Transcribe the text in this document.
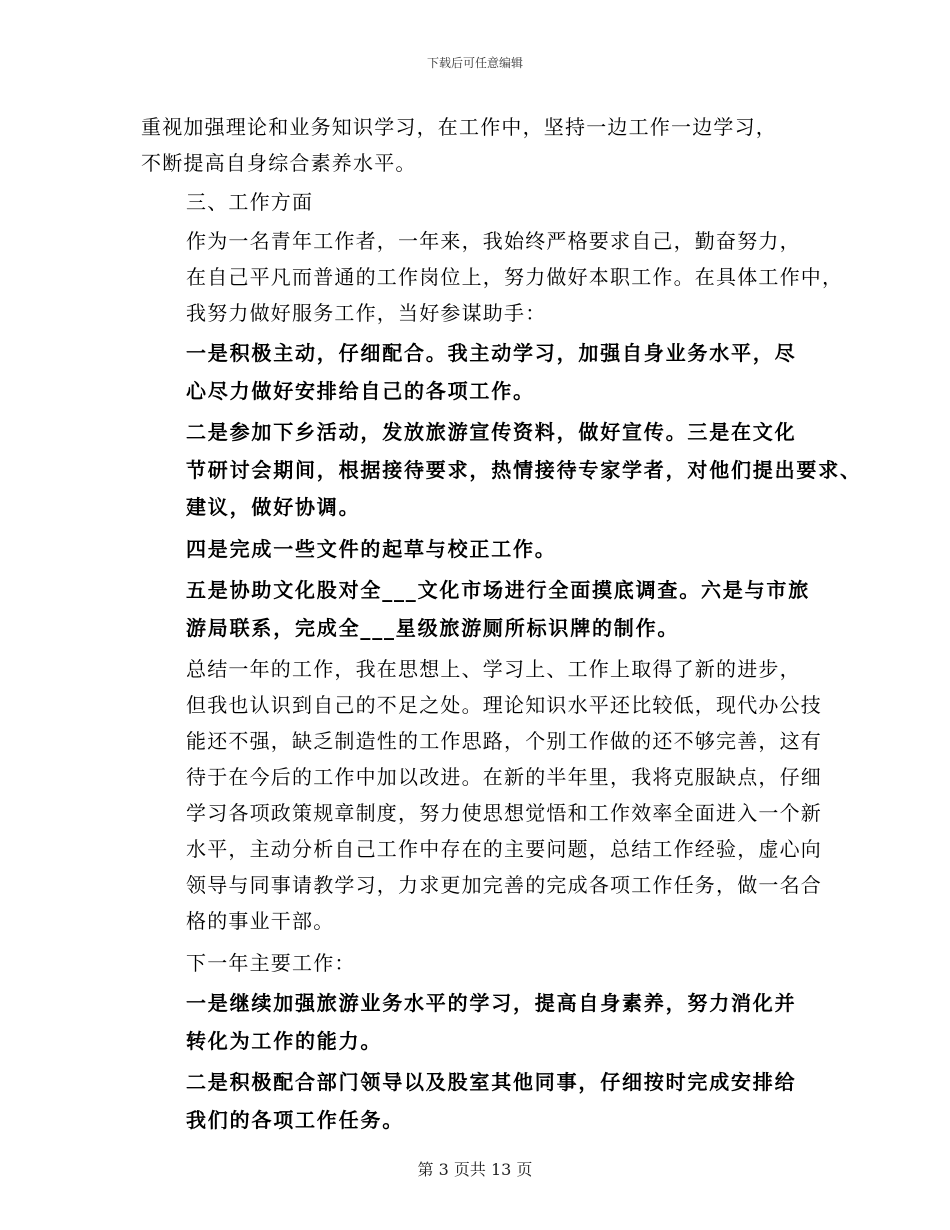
下载后可任意编辑
重视加强理论和业务知识学习，在工作中，坚持一边工作一边学习，
不断提高自身综合素养水平。
三、工作方面
作为一名青年工作者，一年来，我始终严格要求自己，勤奋努力，
在自己平凡而普通的工作岗位上，努力做好本职工作。在具体工作中，
我努力做好服务工作，当好参谋助手：
一是积极主动，仔细配合。我主动学习，加强自身业务水平，尽
心尽力做好安排给自己的各项工作。
二是参加下乡活动，发放旅游宣传资料，做好宣传。三是在文化
节研讨会期间，根据接待要求，热情接待专家学者，对他们提出要求、
建议，做好协调。
四是完成一些文件的起草与校正工作。
五是协助文化股对全___文化市场进行全面摸底调查。六是与市旅
游局联系，完成全___星级旅游厕所标识牌的制作。
总结一年的工作，我在思想上、学习上、工作上取得了新的进步，
但我也认识到自己的不足之处。理论知识水平还比较低，现代办公技
能还不强，缺乏制造性的工作思路，个别工作做的还不够完善，这有
待于在今后的工作中加以改进。在新的半年里，我将克服缺点，仔细
学习各项政策规章制度，努力使思想觉悟和工作效率全面进入一个新
水平，主动分析自己工作中存在的主要问题，总结工作经验，虚心向
领导与同事请教学习，力求更加完善的完成各项工作任务，做一名合
格的事业干部。
下一年主要工作：
一是继续加强旅游业务水平的学习，提高自身素养，努力消化并
转化为工作的能力。
二是积极配合部门领导以及股室其他同事，仔细按时完成安排给
我们的各项工作任务。
第 3 页共 13 页
